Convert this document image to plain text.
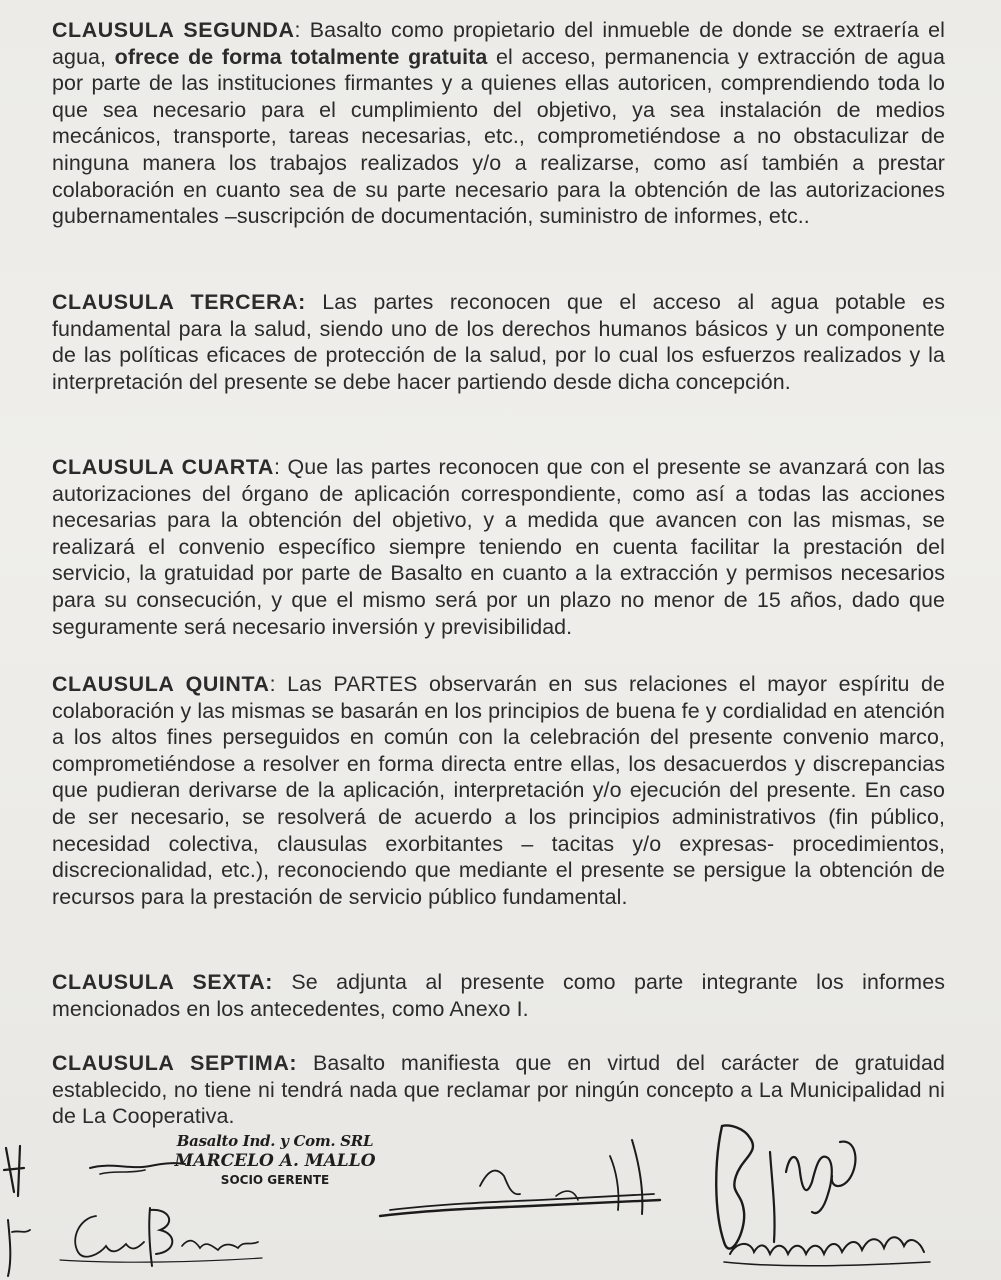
CLAUSULA SEGUNDA: Basalto como propietario del inmueble de donde se extraería el agua, ofrece de forma totalmente gratuita el acceso, permanencia y extracción de agua por parte de las instituciones firmantes y a quienes ellas autoricen, comprendiendo toda lo que sea necesario para el cumplimiento del objetivo, ya sea instalación de medios mecánicos, transporte, tareas necesarias, etc., comprometiéndose a no obstaculizar de ninguna manera los trabajos realizados y/o a realizarse, como así también a prestar colaboración en cuanto sea de su parte necesario para la obtención de las autorizaciones gubernamentales –suscripción de documentación, suministro de informes, etc..

CLAUSULA TERCERA: Las partes reconocen que el acceso al agua potable es fundamental para la salud, siendo uno de los derechos humanos básicos y un componente de las políticas eficaces de protección de la salud, por lo cual los esfuerzos realizados y la interpretación del presente se debe hacer partiendo desde dicha concepción.

CLAUSULA CUARTA: Que las partes reconocen que con el presente se avanzará con las autorizaciones del órgano de aplicación correspondiente, como así a todas las acciones necesarias para la obtención del objetivo, y a medida que avancen con las mismas, se realizará el convenio específico siempre teniendo en cuenta facilitar la prestación del servicio, la gratuidad por parte de Basalto en cuanto a la extracción y permisos necesarios para su consecución, y que el mismo será por un plazo no menor de 15 años, dado que seguramente será necesario inversión y previsibilidad.

CLAUSULA QUINTA: Las PARTES observarán en sus relaciones el mayor espíritu de colaboración y las mismas se basarán en los principios de buena fe y cordialidad en atención a los altos fines perseguidos en común con la celebración del presente convenio marco, comprometiéndose a resolver en forma directa entre ellas, los desacuerdos y discrepancias que pudieran derivarse de la aplicación, interpretación y/o ejecución del presente. En caso de ser necesario, se resolverá de acuerdo a los principios administrativos (fin público, necesidad colectiva, clausulas exorbitantes – tacitas y/o expresas- procedimientos, discrecionalidad, etc.), reconociendo que mediante el presente se persigue la obtención de recursos para la prestación de servicio público fundamental.

CLAUSULA SEXTA: Se adjunta al presente como parte integrante los informes mencionados en los antecedentes, como Anexo I.

CLAUSULA SEPTIMA: Basalto manifiesta que en virtud del carácter de gratuidad establecido, no tiene ni tendrá nada que reclamar por ningún concepto a La Municipalidad ni de La Cooperativa.

Basalto Ind. y Com. SRL
MARCELO A. MALLO
SOCIO GERENTE
